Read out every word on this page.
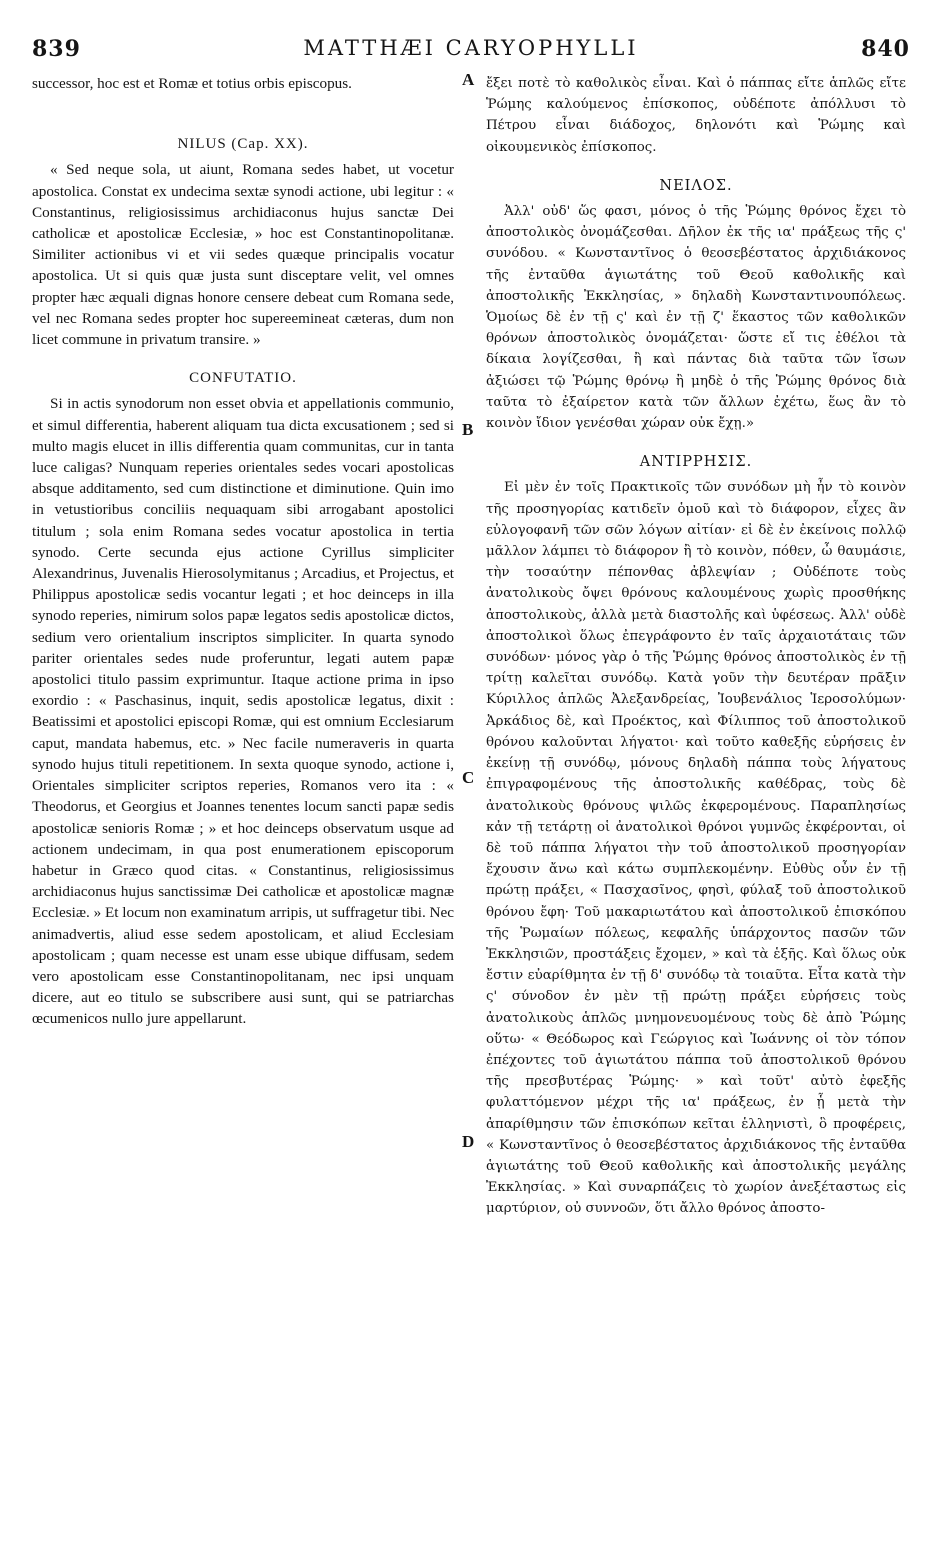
839	MATTHÆI CARYOPHYLLI	840

successor, hoc est et Romæ et totius orbis episcopus.

NILUS (Cap. XX).

« Sed neque sola, ut aiunt, Romana sedes habet, ut vocetur apostolica. Constat ex undecima sextæ synodi actione, ubi legitur : « Constantinus, religiosissimus archidiaconus hujus sanctæ Dei catholicæ et apostolicæ Ecclesiæ, » hoc est Constantinopolitanæ. Similiter actionibus vi et vii sedes quæque principalis vocatur apostolica. Ut si quis quæ justa sunt disceptare velit, vel omnes propter hæc æquali dignas honore censere debeat cum Romana sede, vel nec Romana sedes propter hoc supereemineat cæteras, dum non licet commune in privatum transire. »

CONFUTATIO.

Si in actis synodorum non esset obvia et appellationis communio, et simul differentia, haberent aliquam tua dicta excusationem ; sed si multo magis elucet in illis differentia quam communitas, cur in tanta luce caligas? Nunquam reperies orientales sedes vocari apostolicas absque additamento, sed cum distinctione et diminutione. Quin imo in vetustioribus conciliis nequaquam sibi arrogabant apostolici titulum ; sola enim Romana sedes vocatur apostolica in tertia synodo. Certe secunda ejus actione Cyrillus simpliciter Alexandrinus, Juvenalis Hierosolymitanus ; Arcadius, et Projectus, et Philippus apostolicæ sedis vocantur legati ; et hoc deinceps in illa synodo reperies, nimirum solos papæ legatos sedis apostolicæ dictos, sedium vero orientalium inscriptos simpliciter. In quarta synodo pariter orientales sedes nude proferuntur, legati autem papæ apostolici titulo passim exprimuntur. Itaque actione prima in ipso exordio : « Paschasinus, inquit, sedis apostolicæ legatus, dixit : Beatissimi et apostolici episcopi Romæ, qui est omnium Ecclesiarum caput, mandata habemus, etc. » Nec facile numeraveris in quarta synodo hujus tituli repetitionem. In sexta quoque synodo, actione i, Orientales simpliciter scriptos reperies, Romanos vero ita : « Theodorus, et Georgius et Joannes tenentes locum sancti papæ sedis apostolicæ senioris Romæ ; » et hoc deinceps observatum usque ad actionem undecimam, in qua post enumerationem episcoporum habetur in Græco quod citas. « Constantinus, religiosissimus archidiaconus hujus sanctissimæ Dei catholicæ et apostolicæ magnæ Ecclesiæ. » Et locum non examinatum arripis, ut suffragetur tibi. Nec animadvertis, aliud esse sedem apostolicam, et aliud Ecclesiam apostolicam ; quam necesse est unam esse ubique diffusam, sedem vero apostolicam esse Constantinopolitanam, nec ipsi unquam dicere, aut eo titulo se subscribere ausi sunt, qui se patriarchas œcumenicos nullo jure appellarunt.

A
B
C
D

ἔξει ποτὲ τὸ καθολικὸς εἶναι. Καὶ ὁ πάππας εἴτε ἁπλῶς εἴτε Ῥώμης καλούμενος ἐπίσκοπος, οὐδέποτε ἀπόλλυσι τὸ Πέτρου εἶναι διάδοχος, δηλονότι καὶ Ῥώμης καὶ οἰκουμενικὸς ἐπίσκοπος.

ΝΕΙΛΟΣ.

Ἀλλ' οὐδ' ὥς φασι, μόνος ὁ τῆς Ῥώμης θρόνος ἔχει τὸ ἀποστολικὸς ὀνομάζεσθαι. Δῆλον ἐκ τῆς ια' πράξεως τῆς ς' συνόδου. « Κωνσταντῖνος ὁ θεοσεβέστατος ἀρχιδιάκονος τῆς ἐνταῦθα ἁγιωτάτης τοῦ Θεοῦ καθολικῆς καὶ ἀποστολικῆς Ἐκκλησίας, » δηλαδὴ Κωνσταντινουπόλεως. Ὁμοίως δὲ ἐν τῇ ς' καὶ ἐν τῇ ζ' ἕκαστος τῶν καθολικῶν θρόνων ἀποστολικὸς ὀνομάζεται· ὥστε εἴ τις ἐθέλοι τὰ δίκαια λογίζεσθαι, ἢ καὶ πάντας διὰ ταῦτα τῶν ἴσων ἀξιώσει τῷ Ῥώμης θρόνῳ ἢ μηδὲ ὁ τῆς Ῥώμης θρόνος διὰ ταῦτα τὸ ἐξαίρετον κατὰ τῶν ἄλλων ἐχέτω, ἕως ἂν τὸ κοινὸν ἴδιον γενέσθαι χώραν οὐκ ἔχῃ.»

ΑΝΤΙΡΡΗΣΙΣ.

Εἰ μὲν ἐν τοῖς Πρακτικοῖς τῶν συνόδων μὴ ἦν τὸ κοινὸν τῆς προσηγορίας κατιδεῖν ὁμοῦ καὶ τὸ διάφορον, εἶχες ἂν εὐλογοφανῆ τῶν σῶν λόγων αἰτίαν· εἰ δὲ ἐν ἐκείνοις πολλῷ μᾶλλον λάμπει τὸ διάφορον ἢ τὸ κοινὸν, πόθεν, ὦ θαυμάσιε, τὴν τοσαύτην πέπονθας ἀβλεψίαν ; Οὐδέποτε τοὺς ἀνατολικοὺς ὄψει θρόνους καλουμένους χωρὶς προσθήκης ἀποστολικοὺς, ἀλλὰ μετὰ διαστολῆς καὶ ὑφέσεως. Ἀλλ' οὐδὲ ἀποστολικοὶ ὅλως ἐπεγράφοντο ἐν ταῖς ἀρχαιοτάταις τῶν συνόδων· μόνος γὰρ ὁ τῆς Ῥώμης θρόνος ἀποστολικὸς ἐν τῇ τρίτῃ καλεῖται συνόδῳ. Κατὰ γοῦν τὴν δευτέραν πρᾶξιν Κύριλλος ἁπλῶς Ἀλεξανδρείας, Ἰουβενάλιος Ἱεροσολύμων· Ἀρκάδιος δὲ, καὶ Προέκτος, καὶ Φίλιππος τοῦ ἀποστολικοῦ θρόνου καλοῦνται λήγατοι· καὶ τοῦτο καθεξῆς εὑρήσεις ἐν ἐκείνῃ τῇ συνόδῳ, μόνους δηλαδὴ πάππα τοὺς λήγατους ἐπιγραφομένους τῆς ἀποστολικῆς καθέδρας, τοὺς δὲ ἀνατολικοὺς θρόνους ψιλῶς ἐκφερομένους. Παραπλησίως κἀν τῇ τετάρτῃ οἱ ἀνατολικοὶ θρόνοι γυμνῶς ἐκφέρονται, οἱ δὲ τοῦ πάππα λήγατοι τὴν τοῦ ἀποστολικοῦ προσηγορίαν ἔχουσιν ἄνω καὶ κάτω συμπλεκομένην. Εὐθὺς οὖν ἐν τῇ πρώτῃ πράξει, « Πασχασῖνος, φησὶ, φύλαξ τοῦ ἀποστολικοῦ θρόνου ἔφη· Τοῦ μακαριωτάτου καὶ ἀποστολικοῦ ἐπισκόπου τῆς Ῥωμαίων πόλεως, κεφαλῆς ὑπάρχοντος πασῶν τῶν Ἐκκλησιῶν, προστάξεις ἔχομεν, » καὶ τὰ ἑξῆς. Καὶ ὅλως οὐκ ἔστιν εὐαρίθμητα ἐν τῇ δ' συνόδῳ τὰ τοιαῦτα. Εἶτα κατὰ τὴν ς' σύνοδον ἐν μὲν τῇ πρώτῃ πράξει εὑρήσεις τοὺς ἀνατολικοὺς ἁπλῶς μνημονευομένους τοὺς δὲ ἀπὸ Ῥώμης οὕτω· « Θεόδωρος καὶ Γεώργιος καὶ Ἰωάννης οἱ τὸν τόπον ἐπέχοντες τοῦ ἁγιωτάτου πάππα τοῦ ἀποστολικοῦ θρόνου τῆς πρεσβυτέρας Ῥώμης· » καὶ τοῦτ' αὐτὸ ἐφεξῆς φυλαττόμενον μέχρι τῆς ια' πράξεως, ἐν ᾗ μετὰ τὴν ἀπαρίθμησιν τῶν ἐπισκόπων κεῖται ἑλληνιστὶ, ὃ προφέρεις, « Κωνσταντῖνος ὁ θεοσεβέστατος ἀρχιδιάκονος τῆς ἐνταῦθα ἁγιωτάτης τοῦ Θεοῦ καθολικῆς καὶ ἀποστολικῆς μεγάλης Ἐκκλησίας. » Καὶ συναρπάζεις τὸ χωρίον ἀνεξέταστως εἰς μαρτύριον, οὐ συννοῶν, ὅτι ἄλλο θρόνος ἀποστο-
